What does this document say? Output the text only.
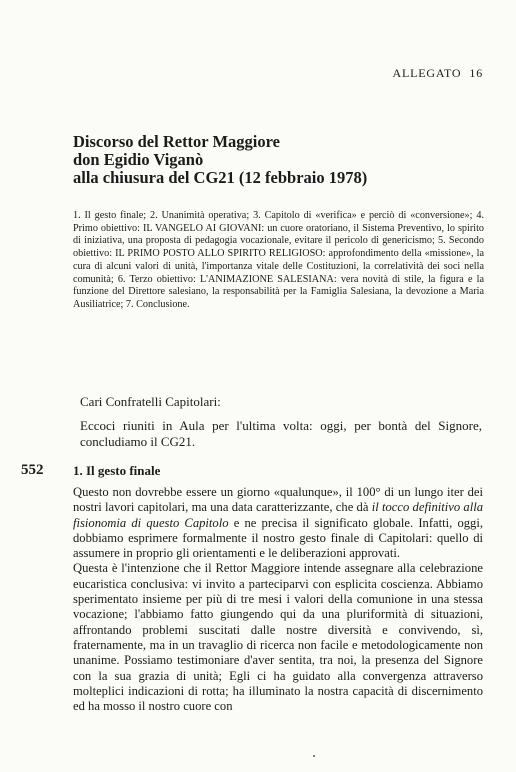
ALLEGATO 16
Discorso del Rettor Maggiore
don Egidio Viganò
alla chiusura del CG21 (12 febbraio 1978)
1. Il gesto finale; 2. Unanimità operativa; 3. Capitolo di «verifica» e perciò di «conversione»; 4. Primo obiettivo: IL VANGELO AI GIOVANI: un cuore oratoriano, il Sistema Preventivo, lo spirito di iniziativa, una proposta di pedagogia vocazionale, evitare il pericolo di genericismo; 5. Secondo obiettivo: IL PRIMO POSTO ALLO SPIRITO RELIGIOSO: approfondimento della «missione», la cura di alcuni valori di unità, l'importanza vitale delle Costituzioni, la correlatività dei soci nella comunità; 6. Terzo obiettivo: L'ANIMAZIONE SALESIANA: vera novità di stile, la figura e la funzione del Direttore salesiano, la responsabilità per la Famiglia Salesiana, la devozione a Maria Ausiliatrice; 7. Conclusione.
Cari Confratelli Capitolari:
Eccoci riuniti in Aula per l'ultima volta: oggi, per bontà del Signore, concludiamo il CG21.
552 1. Il gesto finale

Questo non dovrebbe essere un giorno «qualunque», il 100° di un lungo iter dei nostri lavori capitolari, ma una data caratterizzante, che dà il tocco definitivo alla fisionomia di questo Capitolo e ne precisa il significato globale. Infatti, oggi, dobbiamo esprimere formalmente il nostro gesto finale di Capitolari: quello di assumere in proprio gli orientamenti e le deliberazioni approvati.

Questa è l'intenzione che il Rettor Maggiore intende assegnare alla celebrazione eucaristica conclusiva: vi invito a parteciparvi con esplicita coscienza. Abbiamo sperimentato insieme per più di tre mesi i valori della comunione in una stessa vocazione; l'abbiamo fatto giungendo qui da una pluriformità di situazioni, affrontando problemi suscitati dalle nostre diversità e convivendo, sì, fraternamente, ma in un travaglio di ricerca non facile e metodologicamente non unanime. Possiamo testimoniare d'aver sentita, tra noi, la presenza del Signore con la sua grazia di unità; Egli ci ha guidato alla convergenza attraverso molteplici indicazioni di rotta; ha illuminato la nostra capacità di discernimento ed ha mosso il nostro cuore con
